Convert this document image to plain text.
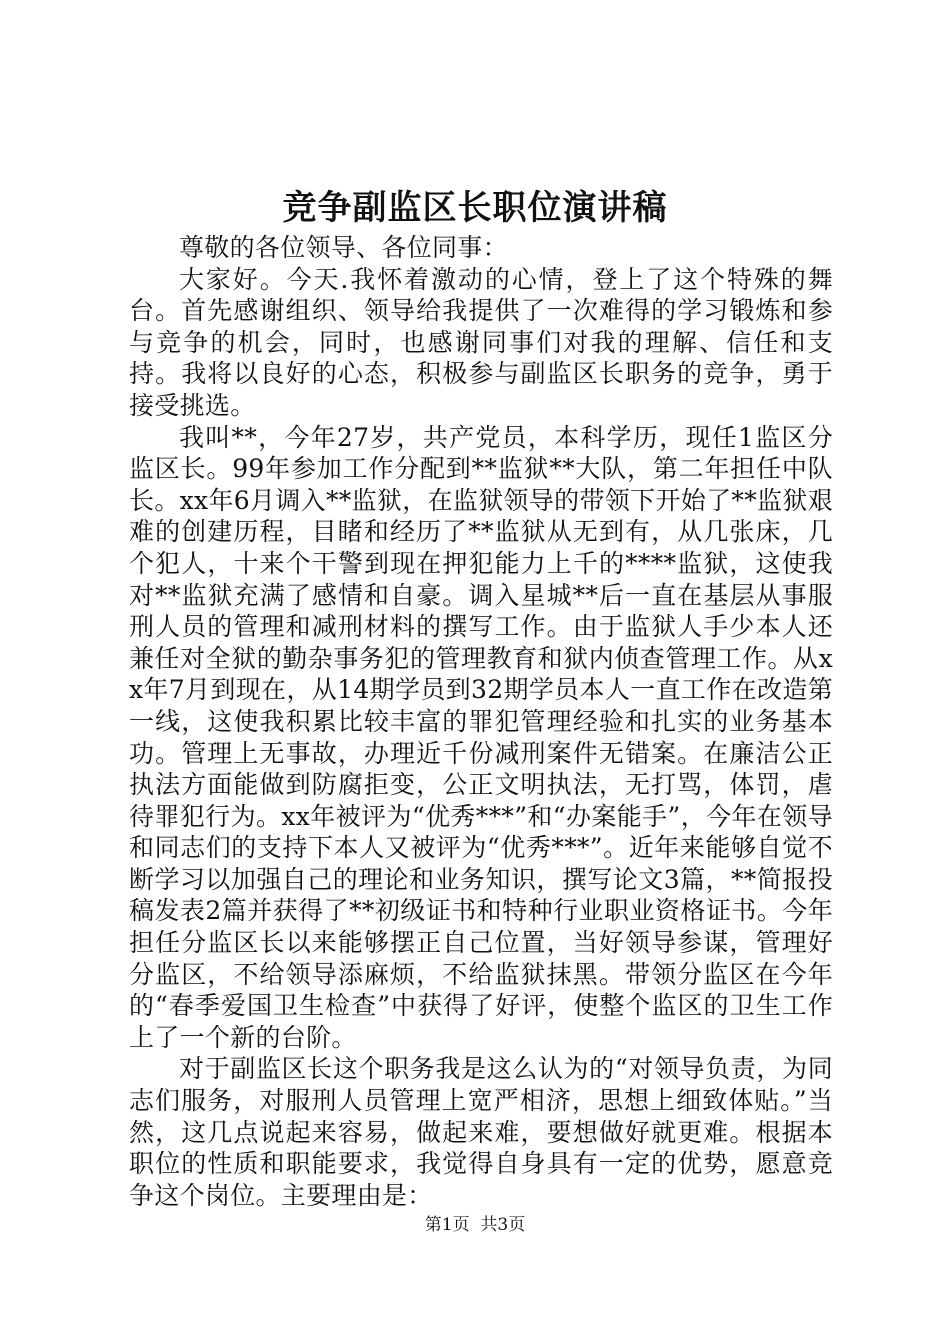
竞争副监区长职位演讲稿

尊敬的各位领导、各位同事：

大家好。今天.我怀着激动的心情，登上了这个特殊的舞台。首先感谢组织、领导给我提供了一次难得的学习锻炼和参与竞争的机会，同时，也感谢同事们对我的理解、信任和支持。我将以良好的心态，积极参与副监区长职务的竞争，勇于接受挑选。

我叫**，今年27岁，共产党员，本科学历，现任1监区分监区长。99年参加工作分配到**监狱**大队，第二年担任中队长。xx年6月调入**监狱，在监狱领导的带领下开始了**监狱艰难的创建历程，目睹和经历了**监狱从无到有，从几张床，几个犯人，十来个干警到现在押犯能力上千的****监狱，这使我对**监狱充满了感情和自豪。调入星城**后一直在基层从事服刑人员的管理和减刑材料的撰写工作。由于监狱人手少本人还兼任对全狱的勤杂事务犯的管理教育和狱内侦查管理工作。从xx年7月到现在，从14期学员到32期学员本人一直工作在改造第一线，这使我积累比较丰富的罪犯管理经验和扎实的业务基本功。管理上无事故，办理近千份减刑案件无错案。在廉洁公正执法方面能做到防腐拒变，公正文明执法，无打骂，体罚，虐待罪犯行为。xx年被评为“优秀***”和“办案能手”，今年在领导和同志们的支持下本人又被评为“优秀***”。近年来能够自觉不断学习以加强自己的理论和业务知识，撰写论文3篇，**简报投稿发表2篇并获得了**初级证书和特种行业职业资格证书。今年担任分监区长以来能够摆正自己位置，当好领导参谋，管理好分监区，不给领导添麻烦，不给监狱抹黑。带领分监区在今年的“春季爱国卫生检查”中获得了好评，使整个监区的卫生工作上了一个新的台阶。

对于副监区长这个职务我是这么认为的“对领导负责，为同志们服务，对服刑人员管理上宽严相济，思想上细致体贴。”当然，这几点说起来容易，做起来难，要想做好就更难。根据本职位的性质和职能要求，我觉得自身具有一定的优势，愿意竞争这个岗位。主要理由是：

第1页 共3页
